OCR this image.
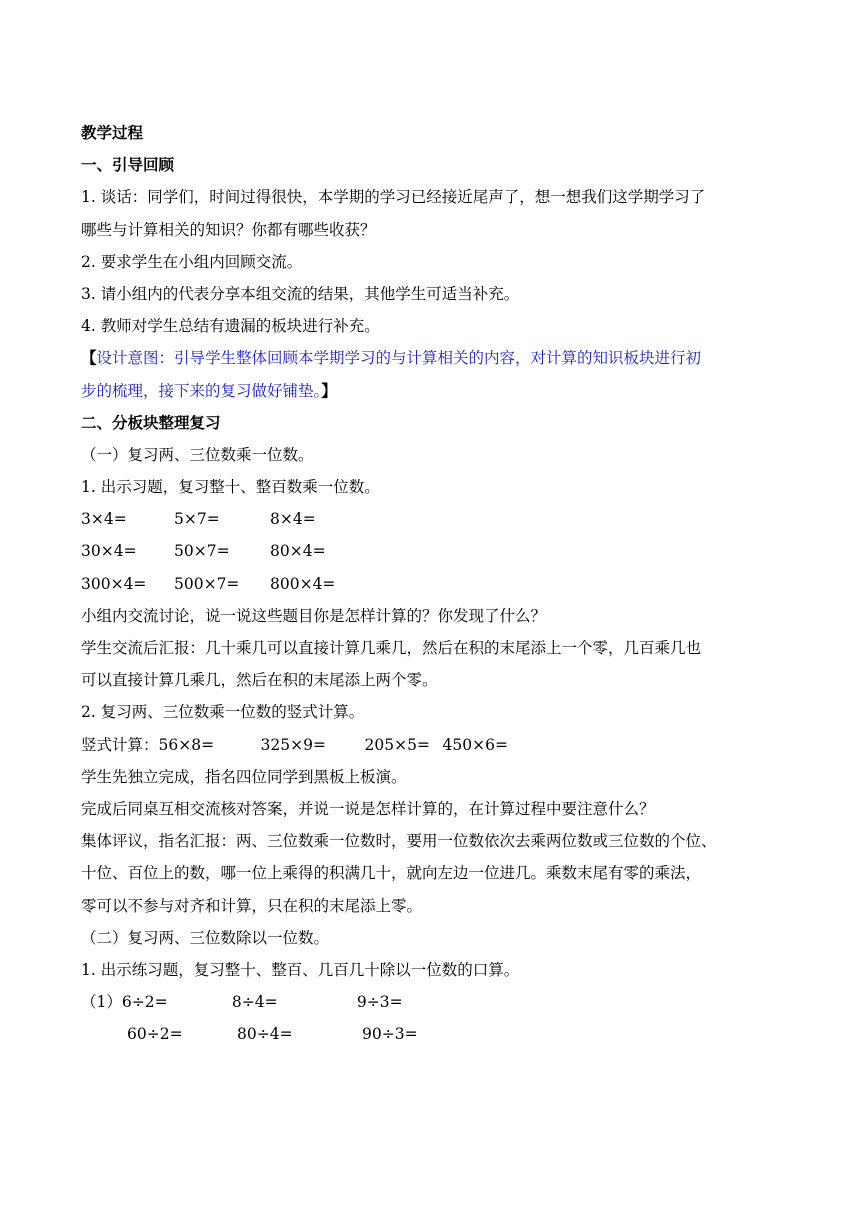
教学过程
一、引导回顾
1. 谈话：同学们，时间过得很快，本学期的学习已经接近尾声了，想一想我们这学期学习了
哪些与计算相关的知识？你都有哪些收获？
2. 要求学生在小组内回顾交流。
3. 请小组内的代表分享本组交流的结果，其他学生可适当补充。
4. 教师对学生总结有遗漏的板块进行补充。
【设计意图：引导学生整体回顾本学期学习的与计算相关的内容，对计算的知识板块进行初
步的梳理，接下来的复习做好铺垫。】
二、分板块整理复习
（一）复习两、三位数乘一位数。
1. 出示习题，复习整十、整百数乘一位数。
3×4=	5×7=	8×4=
30×4= 50×7=	80×4=
300×4= 500×7= 800×4=
小组内交流讨论，说一说这些题目你是怎样计算的？你发现了什么？
学生交流后汇报：几十乘几可以直接计算几乘几，然后在积的末尾添上一个零，几百乘几也
可以直接计算几乘几，然后在积的末尾添上两个零。
2. 复习两、三位数乘一位数的竖式计算。
竖式计算：56×8=	325×9= 205×5= 450×6=
学生先独立完成，指名四位同学到黑板上板演。
完成后同桌互相交流核对答案，并说一说是怎样计算的，在计算过程中要注意什么？
集体评议，指名汇报：两、三位数乘一位数时，要用一位数依次去乘两位数或三位数的个位、
十位、百位上的数，哪一位上乘得的积满几十，就向左边一位进几。乘数末尾有零的乘法，
零可以不参与对齐和计算，只在积的末尾添上零。
（二）复习两、三位数除以一位数。
1. 出示练习题，复习整十、整百、几百几十除以一位数的口算。
（1）6÷2=	8÷4=	9÷3=
60÷2=	80÷4=	90÷3=
